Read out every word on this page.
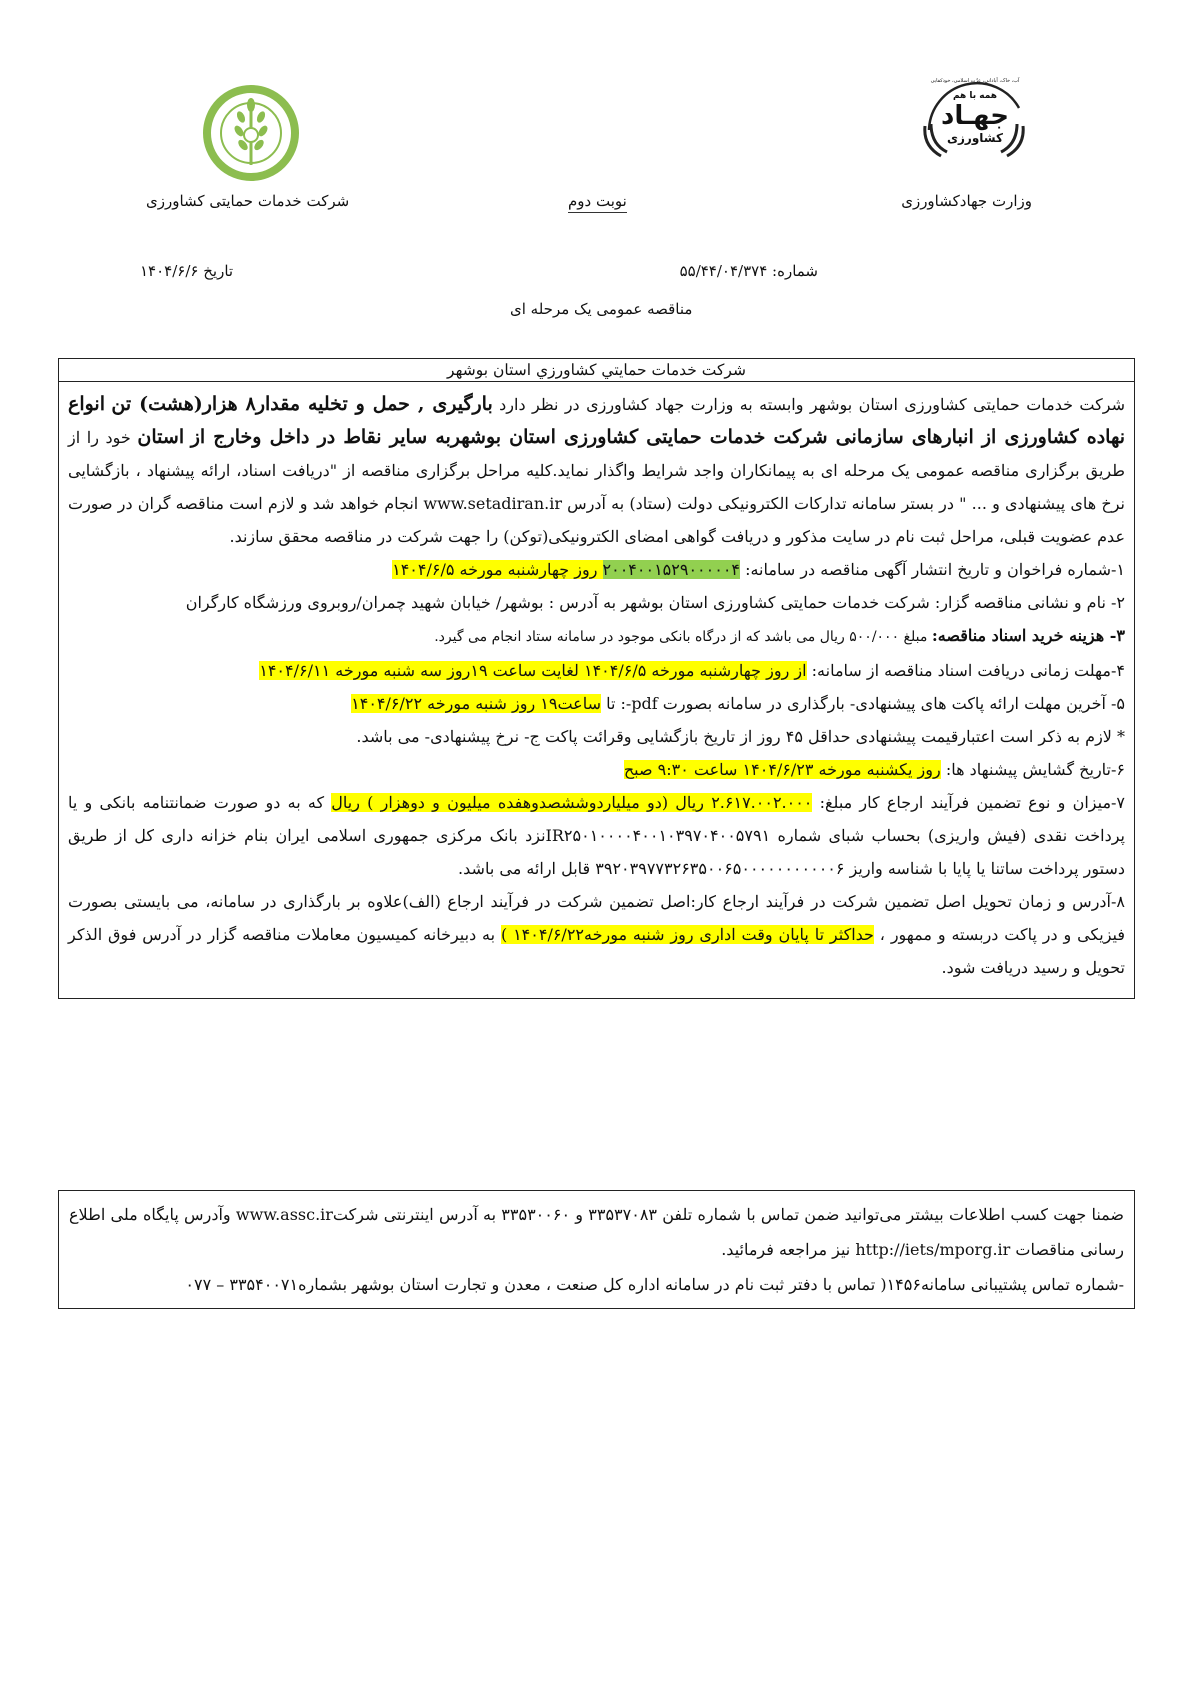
آب، خاک، آبادانی، عزّت اسلامی، خودکفایی
همه با هم
جهـاد
کشاورزی
وزارت جهادکشاورزی
نوبت دوم
شرکت خدمات حمایتی کشاورزی
شماره: ۵۵/۴۴/۰۴/۳۷۴
تاریخ ۱۴۰۴/۶/۶
مناقصه عمومی یک مرحله ای
شرکت خدمات حمایتي كشاورزي استان بوشهر

شرکت خدمات حمایتی کشاورزی استان بوشهر وابسته به وزارت جهاد کشاورزی در نظر دارد بارگیری , حمل و تخلیه مقدار۸ هزار(هشت) تن انواع نهاده کشاورزی از انبارهای سازمانی شرکت خدمات حمایتی کشاورزی استان بوشهربه سایر نقاط در داخل وخارج از استان خود را از طریق برگزاری مناقصه عمومی یک مرحله ای به پیمانکاران واجد شرایط واگذار نماید.کلیه مراحل برگزاری مناقصه از "دریافت اسناد، ارائه پیشنهاد ، بازگشایی نرخ های پیشنهادی و ... " در بستر سامانه تدارکات الکترونیکی دولت (ستاد) به آدرس www.setadiran.ir انجام خواهد شد و لازم است مناقصه گران در صورت عدم عضویت قبلی، مراحل ثبت نام در سایت مذکور و دریافت گواهی امضای الکترونیکی(توکن) را جهت شرکت در مناقصه محقق سازند.

۱-شماره فراخوان و تاریخ انتشار آگهی مناقصه در سامانه: ۲۰۰۴۰۰۱۵۲۹۰۰۰۰۰۴ روز چهارشنبه مورخه ۱۴۰۴/۶/۵

۲- نام و نشانی مناقصه گزار: شرکت خدمات حمایتی کشاورزی استان بوشهر به آدرس : بوشهر/ خیابان شهید چمران/روبروی ورزشگاه کارگران

۳- هزینه خرید اسناد مناقصه: مبلغ ۵۰۰/۰۰۰ ریال می باشد که از درگاه بانکی موجود در سامانه ستاد انجام می گیرد.

۴-مهلت زمانی دریافت اسناد مناقصه از سامانه: از روز چهارشنبه مورخه ۱۴۰۴/۶/۵ لغایت ساعت ۱۹روز سه شنبه مورخه ۱۴۰۴/۶/۱۱

۵- آخرین مهلت ارائه پاکت های پیشنهادی- بارگذاری در سامانه بصورت pdf-: تا ساعت۱۹ روز شنبه مورخه ۱۴۰۴/۶/۲۲

* لازم به ذکر است اعتبارقیمت پیشنهادی حداقل ۴۵ روز از تاریخ بازگشایی وقرائت پاکت ج- نرخ پیشنهادی- می باشد.

۶-تاریخ گشایش پیشنهاد ها: روز یکشنبه مورخه ۱۴۰۴/۶/۲۳ ساعت ۹:۳۰ صبح

۷-میزان و نوع تضمین فرآیند ارجاع کار مبلغ: ۲.۶۱۷.۰۰۲.۰۰۰ ریال (دو میلیاردوششصدوهفده میلیون و دوهزار ) ریال که به دو صورت ضمانتنامه بانکی و یا پرداخت نقدی (فیش واریزی) بحساب شبای شماره IR۲۵۰۱۰۰۰۰۴۰۰۱۰۳۹۷۰۴۰۰۵۷۹۱نزد بانک مرکزی جمهوری اسلامی ایران بنام خزانه داری کل از طریق دستور پرداخت ساتنا یا پایا با شناسه واریز ۳۹۲۰۳۹۷۷۳۲۶۳۵۰۰۶۵۰۰۰۰۰۰۰۰۰۰۰۶ قابل ارائه می باشد.

۸-آدرس و زمان تحویل اصل تضمین شرکت در فرآیند ارجاع کار:اصل تضمین شرکت در فرآیند ارجاع (الف)علاوه بر بارگذاری در سامانه، می بایستی بصورت فیزیکی و در پاکت دربسته و ممهور ، حداکثر تا پایان وقت اداری روز شنبه مورخه۱۴۰۴/۶/۲۲ ) به دبیرخانه کمیسیون معاملات مناقصه گزار در آدرس فوق الذکر تحویل و رسید دریافت شود.

ضمنا جهت کسب اطلاعات بیشتر می‌توانید ضمن تماس با شماره تلفن ۳۳۵۳۷۰۸۳ و ۳۳۵۳۰۰۶۰ به آدرس اینترنتی شرکتwww.assc.ir وآدرس پایگاه ملی اطلاع رسانی مناقصات http://iets/mporg.ir نیز مراجعه فرمائید.

-شماره تماس پشتیبانی سامانه۱۴۵۶( تماس با دفتر ثبت نام در سامانه اداره کل صنعت ، معدن و تجارت استان بوشهر بشماره۳۳۵۴۰۰۷۱ – ۰۷۷
